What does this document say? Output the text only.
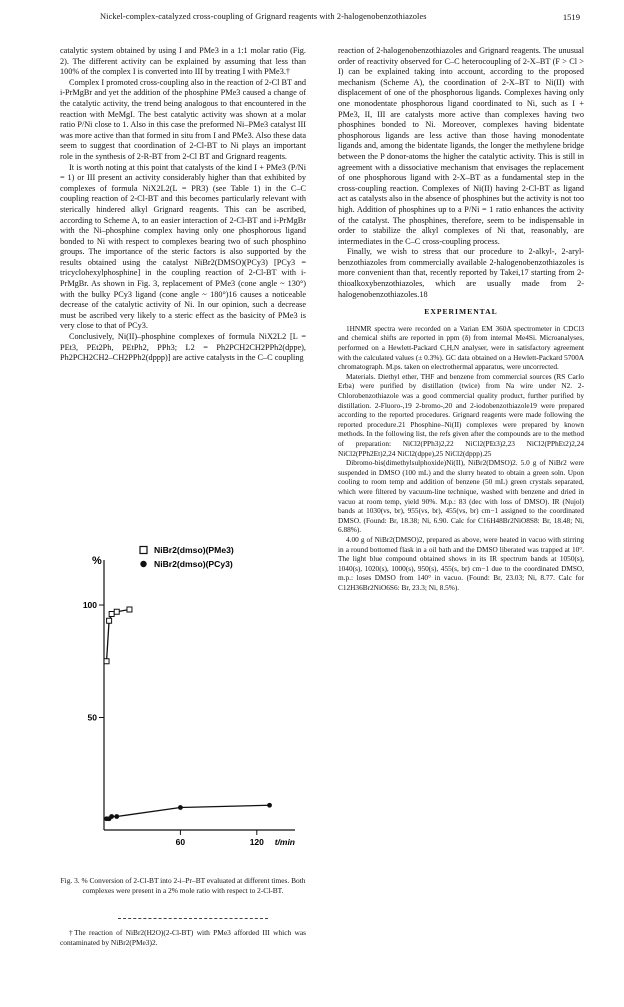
Nickel-complex-catalyzed cross-coupling of Grignard reagents with 2-halogenobenzothiazoles	1519

catalytic system obtained by using I and PMe3 in a 1:1 molar ratio (Fig. 2). The different activity can be explained by assuming that less than 100% of the complex I is converted into III by treating I with PMe3.†

Complex I promoted cross-coupling also in the reaction of 2-Cl BT and i-PrMgBr and yet the addition of the phosphine PMe3 caused a change of the catalytic activity, the trend being analogous to that encountered in the reaction with MeMgI. The best catalytic activity was shown at a molar ratio P/Ni close to 1. Also in this case the preformed Ni–PMe3 catalyst III was more active than that formed in situ from I and PMe3. Also these data seem to suggest that coordination of 2-Cl-BT to Ni plays an important role in the synthesis of 2-R-BT from 2-Cl BT and Grignard reagents.

It is worth noting at this point that catalysts of the kind I + PMe3 (P/Ni = 1) or III present an activity considerably higher than that exhibited by complexes of formula NiX2L2(L = PR3) (see Table 1) in the C–C coupling reaction of 2-Cl-BT and this becomes particularly relevant with sterically hindered alkyl Grignard reagents. This can be ascribed, according to Scheme A, to an easier interaction of 2-Cl-BT and i-PrMgBr with the Ni–phosphine complex having only one phosphorous ligand bonded to Ni with respect to complexes bearing two of such phosphino groups. The importance of the steric factors is also supported by the results obtained using the catalyst NiBr2(DMSO)(PCy3) [PCy3 = tricyclohexylphosphine] in the coupling reaction of 2-Cl-BT with i-PrMgBr. As shown in Fig. 3, replacement of PMe3 (cone angle ~ 130°) with the bulky PCy3 ligand (cone angle ~ 180°)16 causes a noticeable decrease of the catalytic activity of Ni. In our opinion, such a decrease must be ascribed very likely to a steric effect as the basicity of PMe3 is very close to that of PCy3.

Conclusively, Ni(II)–phosphine complexes of formula NiX2L2 [L = PEt3, PEt2Ph, PEtPh2, PPh3; L2 = Ph2PCH2CH2PPh2(dppe), Ph2PCH2CH2–CH2PPh2(dppp)] are active catalysts in the C–C coupling

%
50
100
60	120 t/min
NiBr2(dmso)(PMe3)
NiBr2(dmso)(PCy3)
Fig. 3. % Conversion of 2-Cl-BT into 2-i–Pr–BT evaluated at different times. Both complexes were present in a 2% mole ratio with respect to 2-Cl-BT.

†The reaction of NiBr2(H2O)(2-Cl-BT) with PMe3 afforded III which was contaminated by NiBr2(PMe3)2.

reaction of 2-halogenobenzothiazoles and Grignard reagents. The unusual order of reactivity observed for C–C heterocoupling of 2-X–BT (F > Cl > I) can be explained taking into account, according to the proposed mechanism (Scheme A), the coordination of 2-X–BT to Ni(II) with displacement of one of the phosphorous ligands. Complexes having only one monodentate phosphorous ligand coordinated to Ni, such as I + PMe3, II, III are catalysts more active than complexes having two phosphines bonded to Ni. Moreover, complexes having bidentate phosphorous ligands are less active than those having monodentate ligands and, among the bidentate ligands, the longer the methylene bridge between the P donor-atoms the higher the catalytic activity. This is still in agreement with a dissociative mechanism that envisages the replacement of one phosphorous ligand with 2-X–BT as a fundamental step in the cross-coupling reaction. Complexes of Ni(II) having 2-Cl-BT as ligand act as catalysts also in the absence of phosphines but the activity is not too high. Addition of phosphines up to a P/Ni = 1 ratio enhances the activity of the catalyst. The phosphines, therefore, seem to be indispensable in order to stabilize the alkyl complexes of Ni that, reasonably, are intermediates in the C–C cross-coupling process.

Finally, we wish to stress that our procedure to 2-alkyl-, 2-aryl-benzothiazoles from commercially available 2-halogenobenzothiazoles is more convenient than that, recently reported by Takei,17 starting from 2-thioalkoxybenzothiazoles, which are usually made from 2-halogenobenzothiazoles.18

EXPERIMENTAL

1HNMR spectra were recorded on a Varian EM 360A spectrometer in CDCl3 and chemical shifts are reported in ppm (δ) from internal Me4Si. Microanalyses, performed on a Hewlett-Packard C,H,N analyser, were in satisfactory agreement with the calculated values (± 0.3%). GC data obtained on a Hewlett-Packard 5700A chromatograph. M.ps. taken on electrothermal apparatus, were uncorrected.

Materials. Diethyl ether, THF and benzene from commercial sources (RS Carlo Erba) were purified by distillation (twice) from Na wire under N2. 2-Chlorobenzothiazole was a good commercial quality product, further purified by distillation. 2-Fluoro-,19 2-bromo-,20 and 2-iodobenzothiazole19 were prepared according to the reported procedures. Grignard reagents were made following the reported procedure.21 Phosphine–Ni(II) complexes were prepared by known methods. In the following list, the refs given after the compounds are to the method of preparation: NiCl2(PPh3)2,22 NiCl2(PEt3)2,23 NiCl2(PPhEt2)2,24 NiCl2(PPh2Et)2,24 NiCl2(dppe),25 NiCl2(dppp).25

Dibromo-bis(dimethylsulphoxide)Ni(II), NiBr2(DMSO)2. 5.0 g of NiBr2 were suspended in DMSO (100 mL) and the slurry heated to obtain a green soln. Upon cooling to room temp and addition of benzene (50 mL) green crystals separated, which were filtered by vacuum-line technique, washed with benzene and dried in vacuo at room temp, yield 90%. M.p.: 83 (dec with loss of DMSO). IR (Nujol) bands at 1030(vs, br), 955(vs, br), 455(vs, br) cm−1 assigned to the coordinated DMSO. (Found: Br, 18.38; Ni, 6.90. Calc for C16H48Br2NiO8S8: Br, 18.48; Ni, 6.88%).

4.00 g of NiBr2(DMSO)2, prepared as above, were heated in vacuo with stirring in a round bottomed flask in a oil bath and the DMSO liberated was trapped at 10°. The light blue compound obtained shows in its IR spectrum bands at 1050(s), 1040(s), 1020(s), 1000(s), 950(s), 455(s, br) cm−1 due to the coordinated DMSO, m.p.: loses DMSO from 140° in vacuo. (Found: Br, 23.03; Ni, 8.77. Calc for C12H36Br2NiO6S6: Br, 23.3; Ni, 8.5%).
